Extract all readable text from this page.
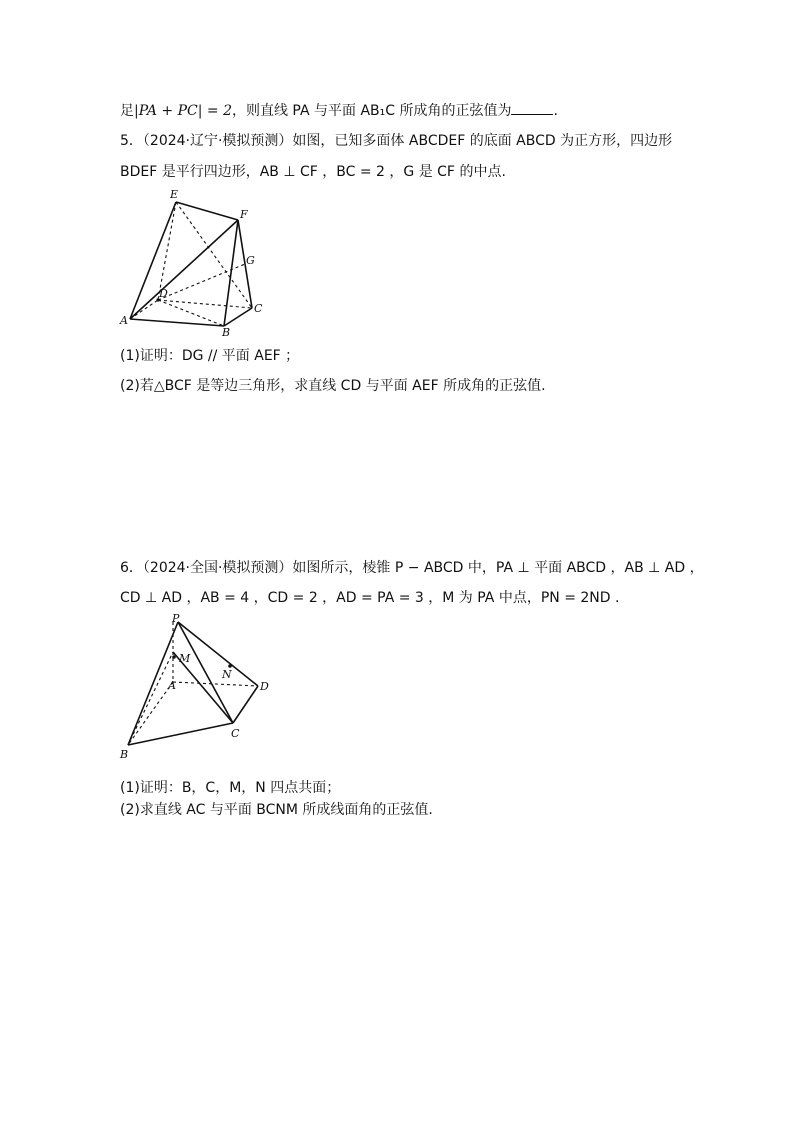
足|PA + PC| = 2，则直线 PA 与平面 AB₁C 所成角的正弦值为	.
5．（2024·辽宁·模拟预测）如图，已知多面体 ABCDEF 的底面 ABCD 为正方形，四边形
BDEF 是平行四边形，AB ⊥ CF ，BC = 2 ，G 是 CF 的中点.
E
F
G
D
C
A
B
(1)证明：DG // 平面 AEF ；
(2)若△BCF 是等边三角形，求直线 CD 与平面 AEF 所成角的正弦值.
6．（2024·全国·模拟预测）如图所示，棱锥 P − ABCD 中，PA ⊥ 平面 ABCD ，AB ⊥ AD ，
CD ⊥ AD ，AB = 4 ，CD = 2 ，AD = PA = 3 ，M 为 PA 中点，PN = 2ND .
P
M
N
A	D
C
B
(1)证明：B，C，M，N 四点共面；
(2)求直线 AC 与平面 BCNM 所成线面角的正弦值.
